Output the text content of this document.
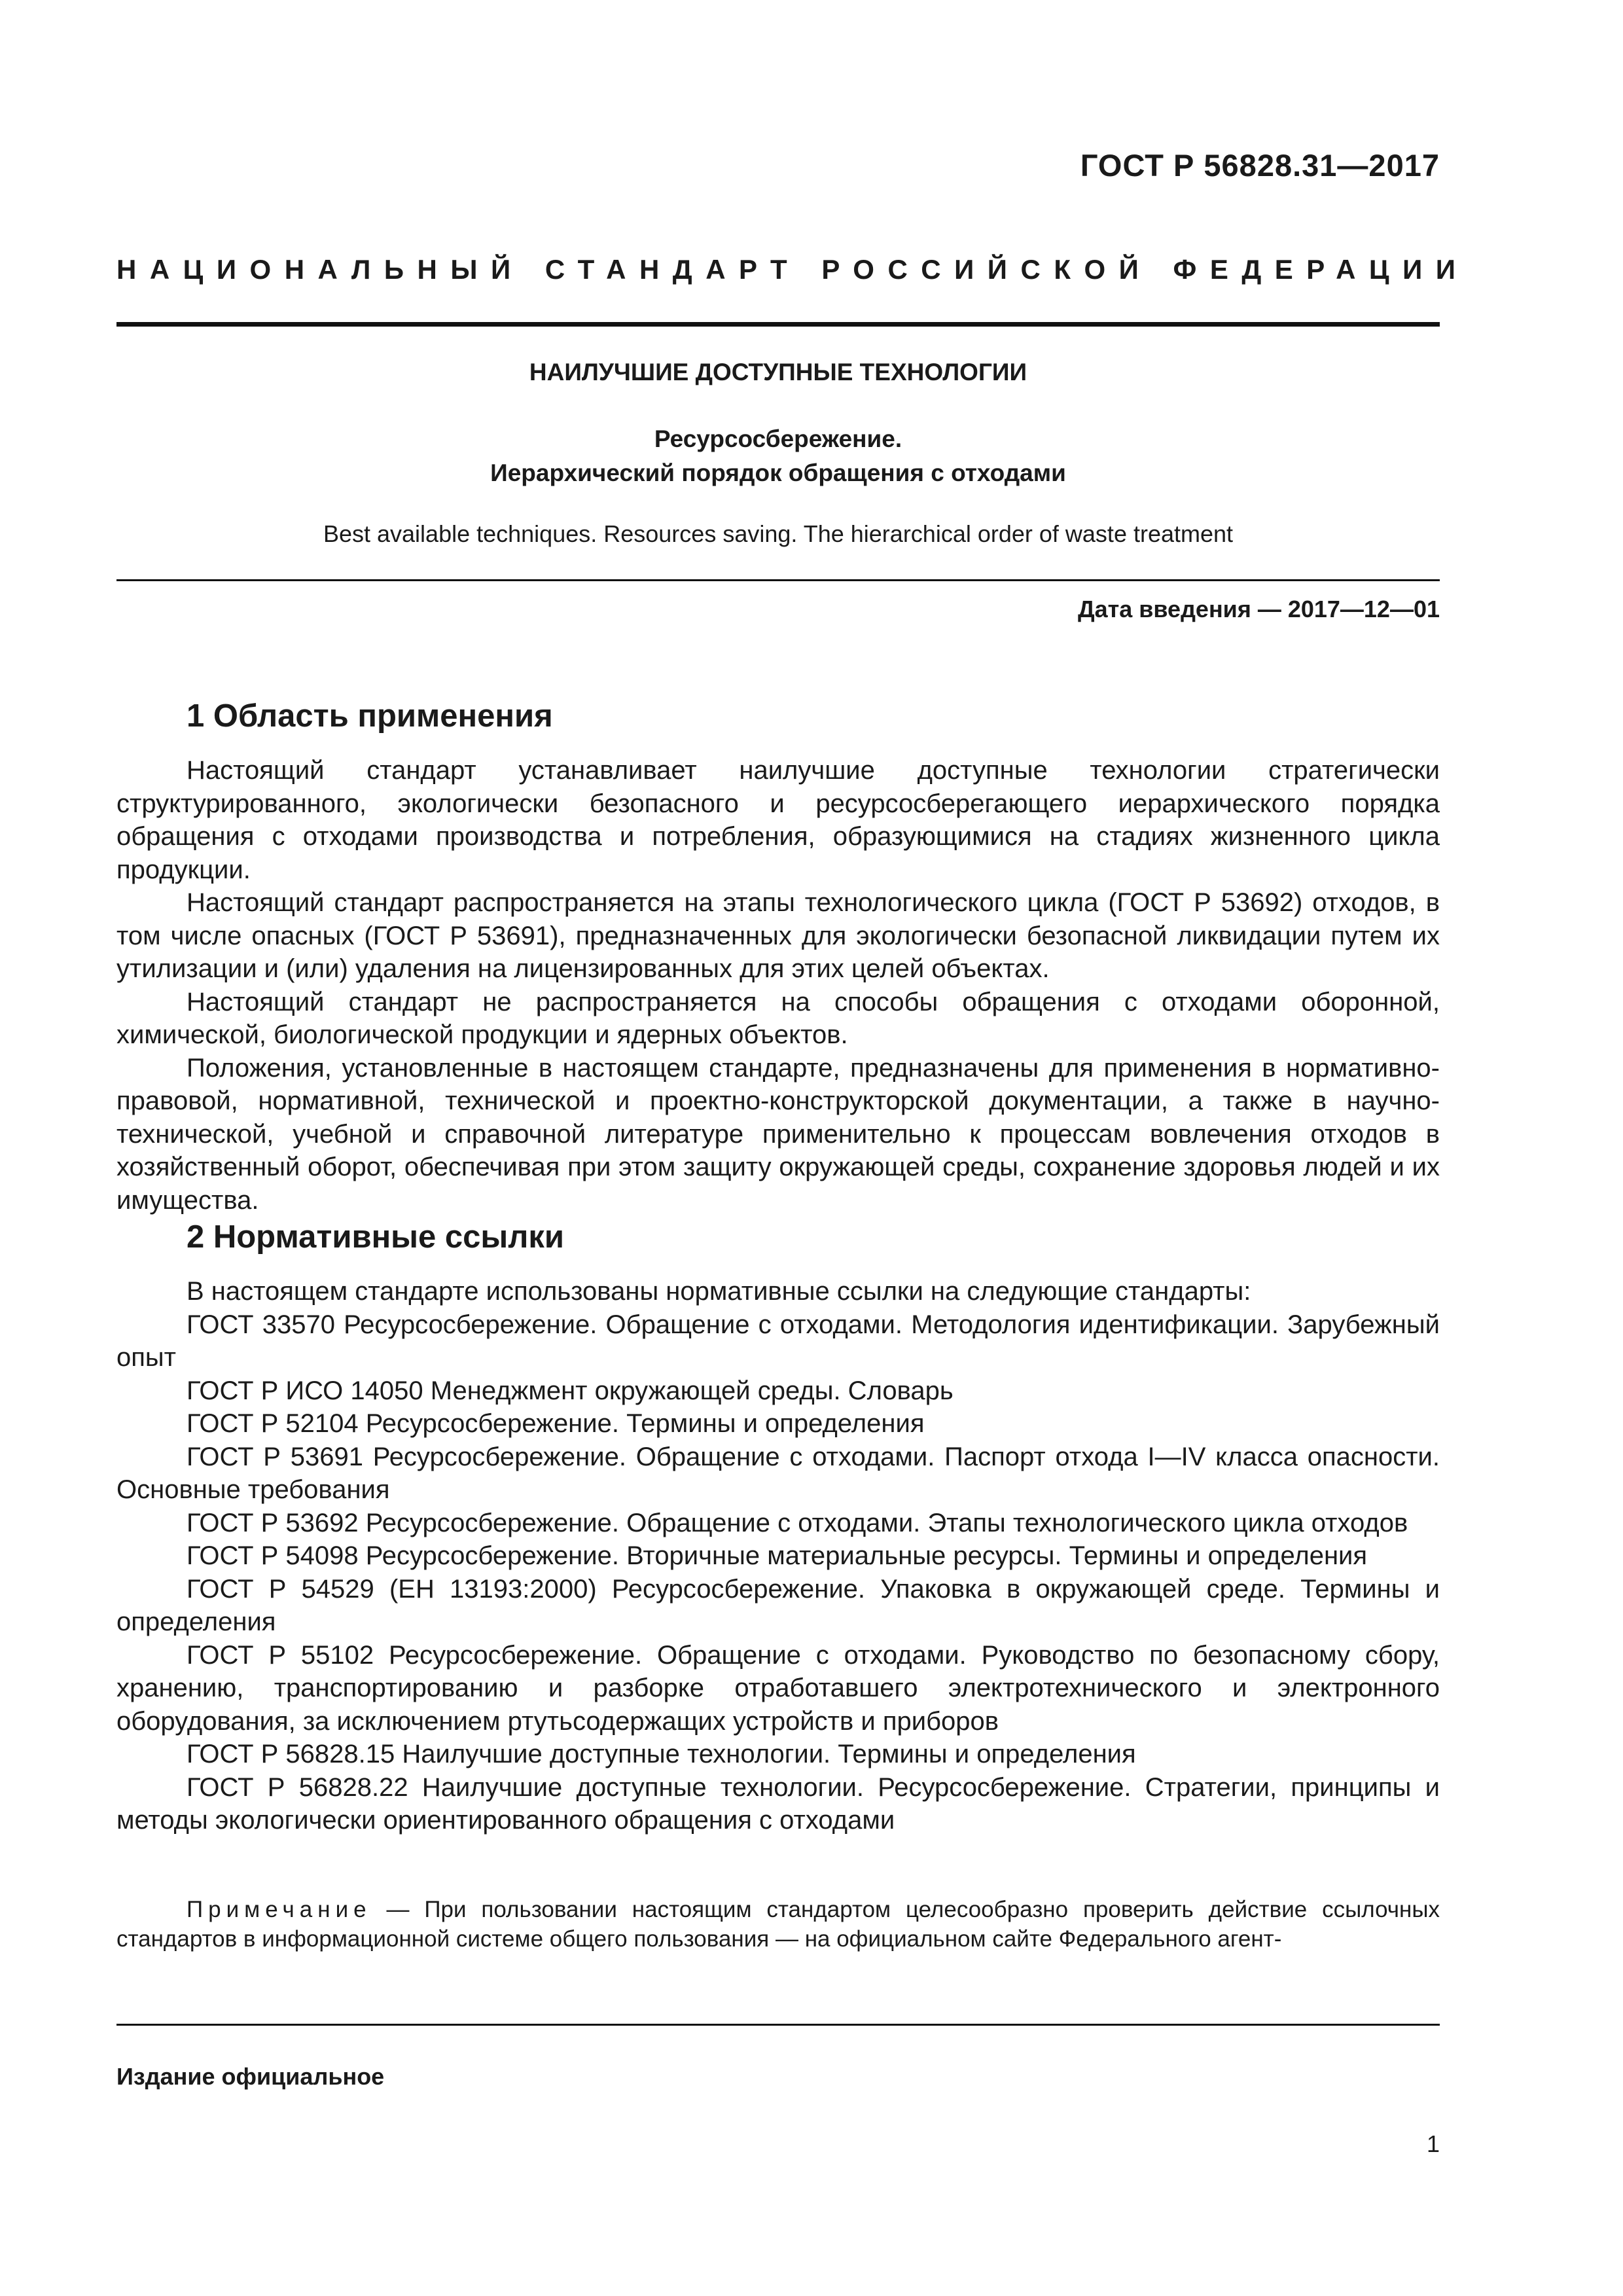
ГОСТ Р 56828.31—2017
НАЦИОНАЛЬНЫЙ СТАНДАРТ РОССИЙСКОЙ ФЕДЕРАЦИИ
НАИЛУЧШИЕ ДОСТУПНЫЕ ТЕХНОЛОГИИ
Ресурсосбережение.
Иерархический порядок обращения с отходами
Best available techniques. Resources saving. The hierarchical order of waste treatment
Дата введения — 2017—12—01
1 Область применения

Настоящий стандарт устанавливает наилучшие доступные технологии стратегически структурированного, экологически безопасного и ресурсосберегающего иерархического порядка обращения с отходами производства и потребления, образующимися на стадиях жизненного цикла продукции.

Настоящий стандарт распространяется на этапы технологического цикла (ГОСТ Р 53692) отходов, в том числе опасных (ГОСТ Р 53691), предназначенных для экологически безопасной ликвидации путем их утилизации и (или) удаления на лицензированных для этих целей объектах.

Настоящий стандарт не распространяется на способы обращения с отходами оборонной, химической, биологической продукции и ядерных объектов.

Положения, установленные в настоящем стандарте, предназначены для применения в нормативно-правовой, нормативной, технической и проектно-конструкторской документации, а также в научно-технической, учебной и справочной литературе применительно к процессам вовлечения отходов в хозяйственный оборот, обеспечивая при этом защиту окружающей среды, сохранение здоровья людей и их имущества.

2 Нормативные ссылки

В настоящем стандарте использованы нормативные ссылки на следующие стандарты:

ГОСТ 33570 Ресурсосбережение. Обращение с отходами. Методология идентификации. Зарубежный опыт

ГОСТ Р ИСО 14050 Менеджмент окружающей среды. Словарь

ГОСТ Р 52104 Ресурсосбережение. Термины и определения

ГОСТ Р 53691 Ресурсосбережение. Обращение с отходами. Паспорт отхода I—IV класса опасности. Основные требования

ГОСТ Р 53692 Ресурсосбережение. Обращение с отходами. Этапы технологического цикла отходов

ГОСТ Р 54098 Ресурсосбережение. Вторичные материальные ресурсы. Термины и определения

ГОСТ Р 54529 (ЕН 13193:2000) Ресурсосбережение. Упаковка в окружающей среде. Термины и определения

ГОСТ Р 55102 Ресурсосбережение. Обращение с отходами. Руководство по безопасному сбору, хранению, транспортированию и разборке отработавшего электротехнического и электронного оборудования, за исключением ртутьсодержащих устройств и приборов

ГОСТ Р 56828.15 Наилучшие доступные технологии. Термины и определения

ГОСТ Р 56828.22 Наилучшие доступные технологии. Ресурсосбережение. Стратегии, принципы и методы экологически ориентированного обращения с отходами

Примечание — При пользовании настоящим стандартом целесообразно проверить действие ссылочных стандартов в информационной системе общего пользования — на официальном сайте Федерального агент-

Издание официальное
1
